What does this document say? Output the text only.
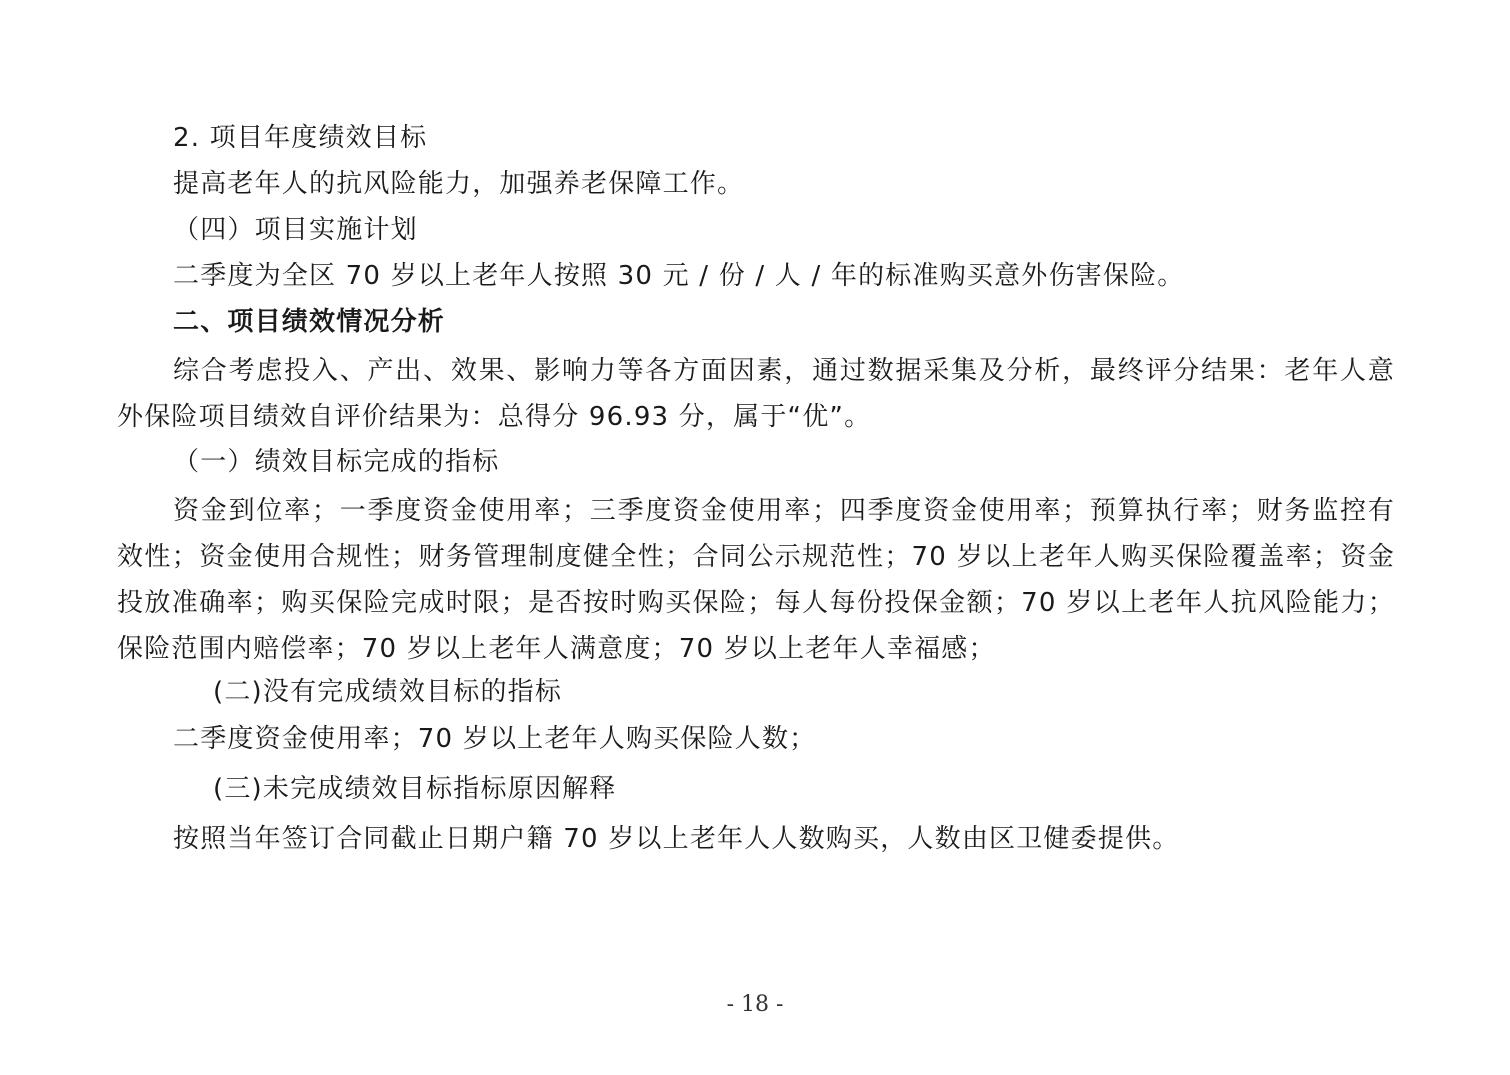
2. 项目年度绩效目标
提高老年人的抗风险能力，加强养老保障工作。
（四）项目实施计划
二季度为全区 70 岁以上老年人按照 30 元 / 份 / 人 / 年的标准购买意外伤害保险。
二、项目绩效情况分析
综合考虑投入、产出、效果、影响力等各方面因素，通过数据采集及分析，最终评分结果：老年人意外保险项目绩效自评价结果为：总得分 96.93 分，属于“优”。
（一）绩效目标完成的指标
资金到位率；一季度资金使用率；三季度资金使用率；四季度资金使用率；预算执行率；财务监控有效性；资金使用合规性；财务管理制度健全性；合同公示规范性；70 岁以上老年人购买保险覆盖率；资金投放准确率；购买保险完成时限；是否按时购买保险；每人每份投保金额；70 岁以上老年人抗风险能力；保险范围内赔偿率；70 岁以上老年人满意度；70 岁以上老年人幸福感；
(二)没有完成绩效目标的指标
二季度资金使用率；70 岁以上老年人购买保险人数；
(三)未完成绩效目标指标原因解释
按照当年签订合同截止日期户籍 70 岁以上老年人人数购买，人数由区卫健委提供。
- 18 -
